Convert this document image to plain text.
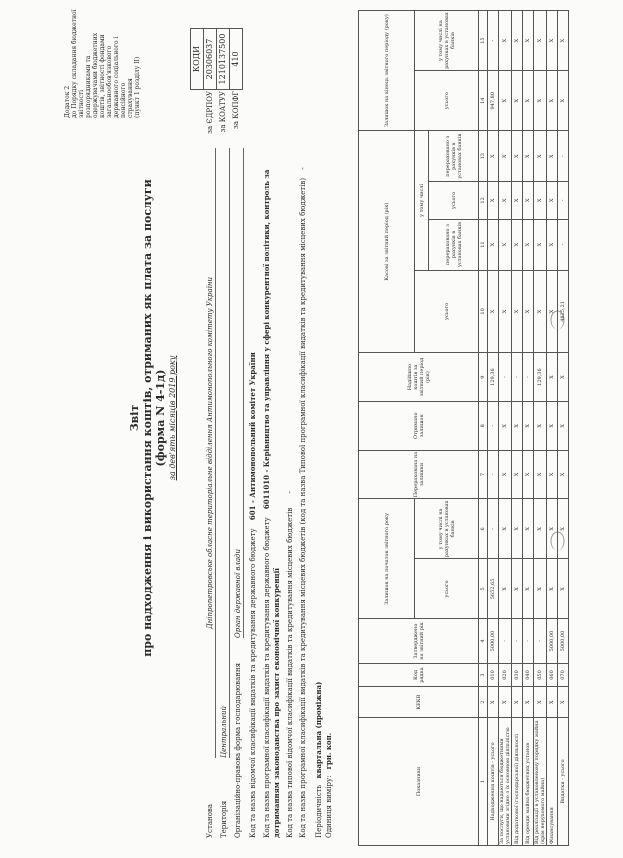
Додаток 2 до Порядку складання бюджетної звітності розпорядниками та одержувачами бюджетних коштів, звітності фондами загальнообов'язкового державного соціального і пенсійного страхування (пункт 1 розділу II)
Звіт про надходження і використання коштів, отриманих як плата за послуги (форма N 4-1д) за дев'ять місяців 2019 року
	КОДИ
за ЄДРПОУ	20306037
за КОАТУУ	1210137500
за КОПФГ	410
Установа
Дніпропетровське обласне територіальне відділення Антимонопольного комітету України
Територія
Центральний Організаційно-правова форма господарювання
Орган державної влади Код та назва відомчої класифікації видатків та кредитування державного бюджету 601 - Антимонопольний комітет України
Код та назва програмної класифікації видатків та кредитування державного бюджету 6011010 - Керівництво та управління у сфері конкурентної політики, контроль за дотриманням законодавства про захист економічної конкуренції Код та назва типової відомчої класифікації видатків та кредитування місцевих бюджетів - Код та назва програмної класифікації видатків та кредитування місцевих бюджетів (код та назва Типової програмної класифікації видатків та кредитування місцевих бюджетів) -
Періодичність квартальна (проміжна)
Одиниця виміру: грн. коп.
Показники	КЕКВ	Код рядка	Затверджено на звітний рік	Залишок на початок звітного року		Перерахована на залишки	Отримано залишок	Надійшло коштів за звітний період (рік)	Касові за звітний період (рік)				Залишок на кінець звітного періоду (року)	
				усього	у тому числі на рахунках в установах банків				усього	у тому числі			усього	у тому числі на рахунках в установах банків
										перераховано з рахунків в установах банків	усього	перераховано з рахунків в установах банків		
1	2	3	4	5	6	7	8	9	10	11	12	13	14	15
Надходження коштів - усього	X	010	5000,00	5652,65	-	-	-	129,36	X	X	X	X	947,80	-
За послуги, що надаються бюджетними установами згідно з їх основною діяльністю	X	020	-	X	X	X	X	-	X	X	X	X	X	X
Від додаткової (господарської) діяльності	X	030	-	X	X	X	X	-	X	X	X	X	X	X
Від оренди майна бюджетних установ	X	040	-	X	X	X	X	-	X	X	X	X	X	X
Від реалізації в установленому порядку майна (крім нерухомого майна)	X	050	-	X	X	X	X	129,36	X	X	X	X	X	X
Фінансування	X	060	5000,00	X	X	X	X	X	X	X	X	X	X	X
Видатки - усього	X	070	5000,00	X	X	X	X	X	4825,21	-	-	-	X	X
